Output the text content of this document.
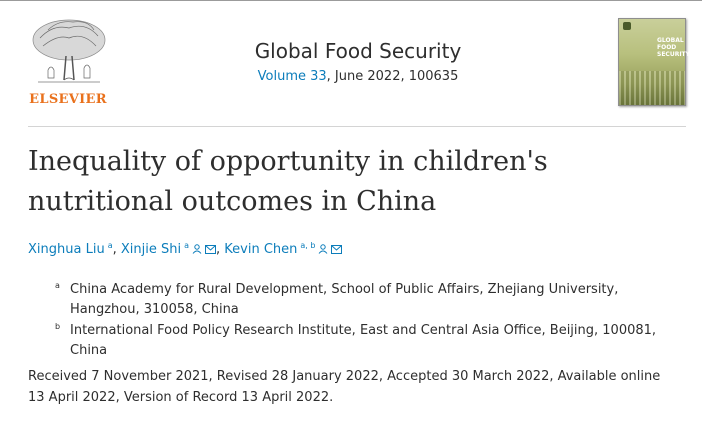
ELSEVIER
Global Food Security
Volume 33, June 2022, 100635
GLOBAL FOOD SECURITY
Inequality of opportunity in children's nutritional outcomes in China
Xinghua Liu $^a$, Xinjie Shi $^a$ , Kevin Chen $^{a, b}$
a China Academy for Rural Development, School of Public Affairs, Zhejiang University, Hangzhou, 310058, China
b International Food Policy Research Institute, East and Central Asia Office, Beijing, 100081, China
Received 7 November 2021, Revised 28 January 2022, Accepted 30 March 2022, Available online 13 April 2022, Version of Record 13 April 2022.
